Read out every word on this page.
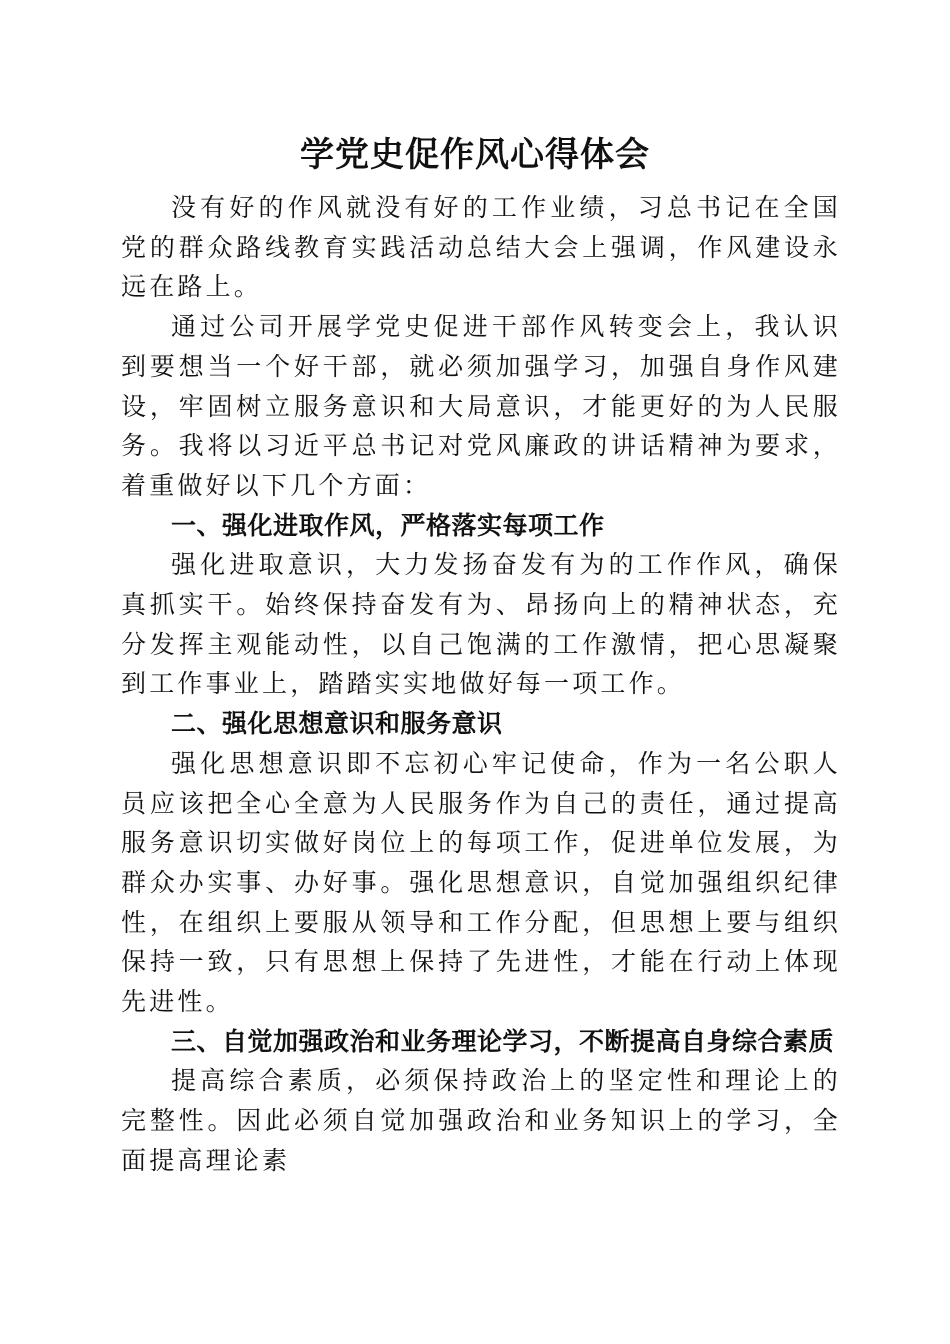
学党史促作风心得体会

没有好的作风就没有好的工作业绩，习总书记在全国党的群众路线教育实践活动总结大会上强调，作风建设永远在路上。

通过公司开展学党史促进干部作风转变会上，我认识到要想当一个好干部，就必须加强学习，加强自身作风建设，牢固树立服务意识和大局意识，才能更好的为人民服务。我将以习近平总书记对党风廉政的讲话精神为要求，着重做好以下几个方面：

一、强化进取作风，严格落实每项工作

强化进取意识，大力发扬奋发有为的工作作风，确保真抓实干。始终保持奋发有为、昂扬向上的精神状态，充分发挥主观能动性，以自己饱满的工作激情，把心思凝聚到工作事业上，踏踏实实地做好每一项工作。

二、强化思想意识和服务意识

强化思想意识即不忘初心牢记使命，作为一名公职人员应该把全心全意为人民服务作为自己的责任，通过提高服务意识切实做好岗位上的每项工作，促进单位发展，为群众办实事、办好事。强化思想意识，自觉加强组织纪律性，在组织上要服从领导和工作分配，但思想上要与组织保持一致，只有思想上保持了先进性，才能在行动上体现先进性。

三、自觉加强政治和业务理论学习，不断提高自身综合素质

提高综合素质，必须保持政治上的坚定性和理论上的完整性。因此必须自觉加强政治和业务知识上的学习，全面提高理论素
